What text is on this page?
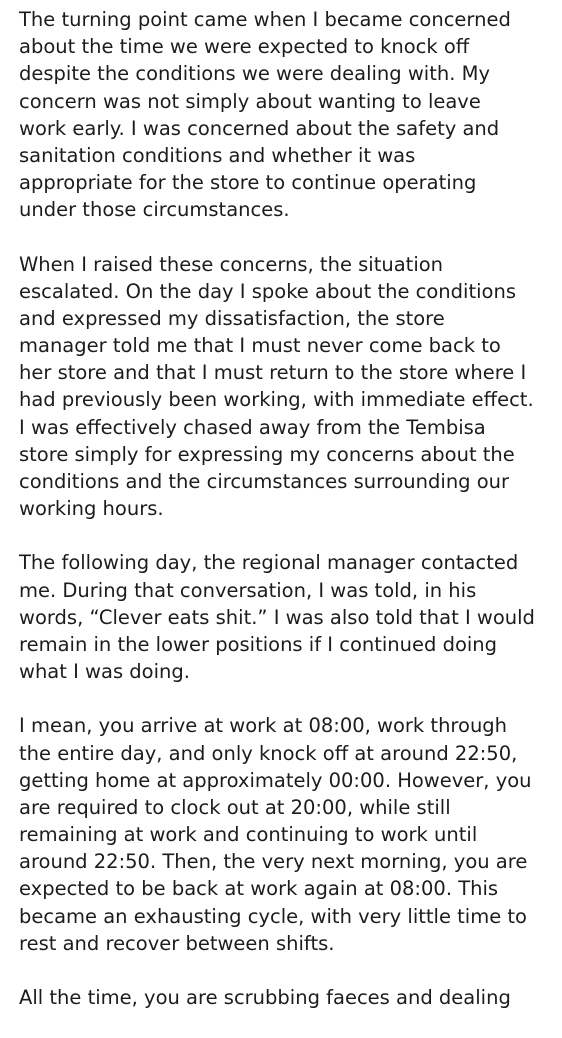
The turning point came when I became concerned
about the time we were expected to knock off
despite the conditions we were dealing with. My
concern was not simply about wanting to leave
work early. I was concerned about the safety and
sanitation conditions and whether it was
appropriate for the store to continue operating
under those circumstances.
When I raised these concerns, the situation
escalated. On the day I spoke about the conditions
and expressed my dissatisfaction, the store
manager told me that I must never come back to
her store and that I must return to the store where I
had previously been working, with immediate effect.
I was effectively chased away from the Tembisa
store simply for expressing my concerns about the
conditions and the circumstances surrounding our
working hours.
The following day, the regional manager contacted
me. During that conversation, I was told, in his
words, “Clever eats shit.” I was also told that I would
remain in the lower positions if I continued doing
what I was doing.
I mean, you arrive at work at 08:00, work through
the entire day, and only knock off at around 22:50,
getting home at approximately 00:00. However, you
are required to clock out at 20:00, while still
remaining at work and continuing to work until
around 22:50. Then, the very next morning, you are
expected to be back at work again at 08:00. This
became an exhausting cycle, with very little time to
rest and recover between shifts.
All the time, you are scrubbing faeces and dealing
